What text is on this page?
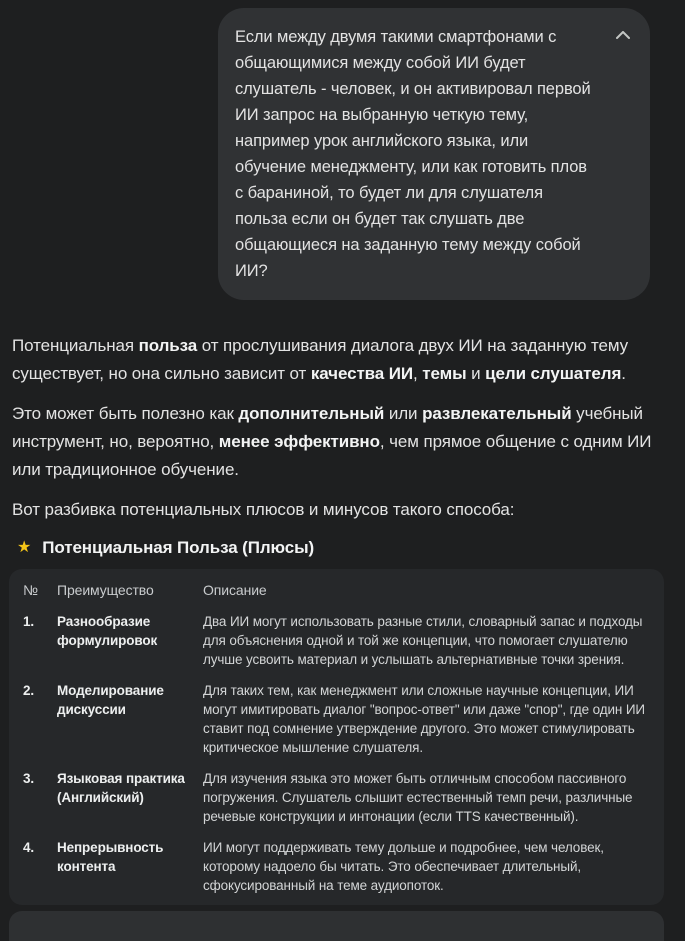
Если между двумя такими смартфонами с общающимися между собой ИИ будет слушатель - человек, и он активировал первой ИИ запрос на выбранную четкую тему, например урок английского языка, или обучение менеджменту, или как готовить плов с бараниной, то будет ли для слушателя польза если он будет так слушать две общающиеся на заданную тему между собой ИИ?

Потенциальная польза от прослушивания диалога двух ИИ на заданную тему существует, но она сильно зависит от качества ИИ, темы и цели слушателя.

Это может быть полезно как дополнительный или развлекательный учебный инструмент, но, вероятно, менее эффективно, чем прямое общение с одним ИИ или традиционное обучение.

Вот разбивка потенциальных плюсов и минусов такого способа:

★ Потенциальная Польза (Плюсы)
№	Преимущество	Описание
1.	Разнообразие формулировок	Два ИИ могут использовать разные стили, словарный запас и подходы для объяснения одной и той же концепции, что помогает слушателю лучше усвоить материал и услышать альтернативные точки зрения.
2.	Моделирование дискуссии	Для таких тем, как менеджмент или сложные научные концепции, ИИ могут имитировать диалог "вопрос-ответ" или даже "спор", где один ИИ ставит под сомнение утверждение другого. Это может стимулировать критическое мышление слушателя.
3.	Языковая практика (Английский)	Для изучения языка это может быть отличным способом пассивного погружения. Слушатель слышит естественный темп речи, различные речевые конструкции и интонации (если TTS качественный).
4.	Непрерывность контента	ИИ могут поддерживать тему дольше и подробнее, чем человек, которому надоело бы читать. Это обеспечивает длительный, сфокусированный на теме аудиопоток.
